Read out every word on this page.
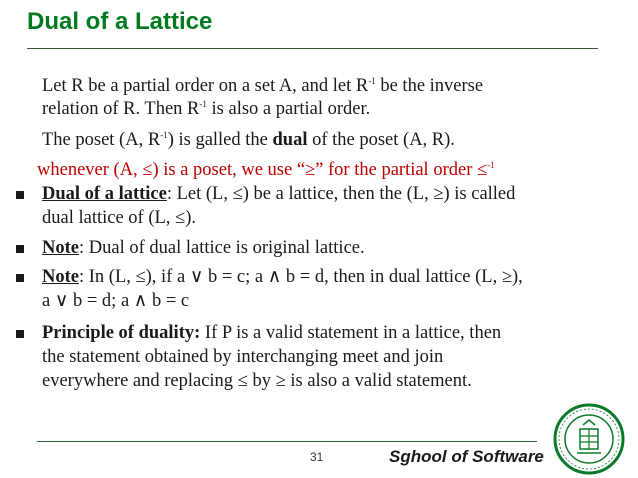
Dual of a Lattice
Let R be a partial order on a set A, and let $R^{-1}$ be the inverse
relation of R. Then $R^{-1}$ is also a partial order.
The poset (A, $R^{-1}$) is galled the dual of the poset (A, R).
whenever (A, ≤) is a poset, we use “≥” for the partial order ≤$^{-1}$
Dual of a lattice: Let (L, ≤) be a lattice, then the (L, ≥) is called
dual lattice of (L, ≤).
Note: Dual of dual lattice is original lattice.
Note: In (L, ≤), if a ∨ b = c; a ∧ b = d, then in dual lattice (L, ≥),
a ∨ b = d; a ∧ b = c
Principle of duality: If P is a valid statement in a lattice, then
the statement obtained by interchanging meet and join
everywhere and replacing ≤ by ≥ is also a valid statement.
31	Sghool of Software
